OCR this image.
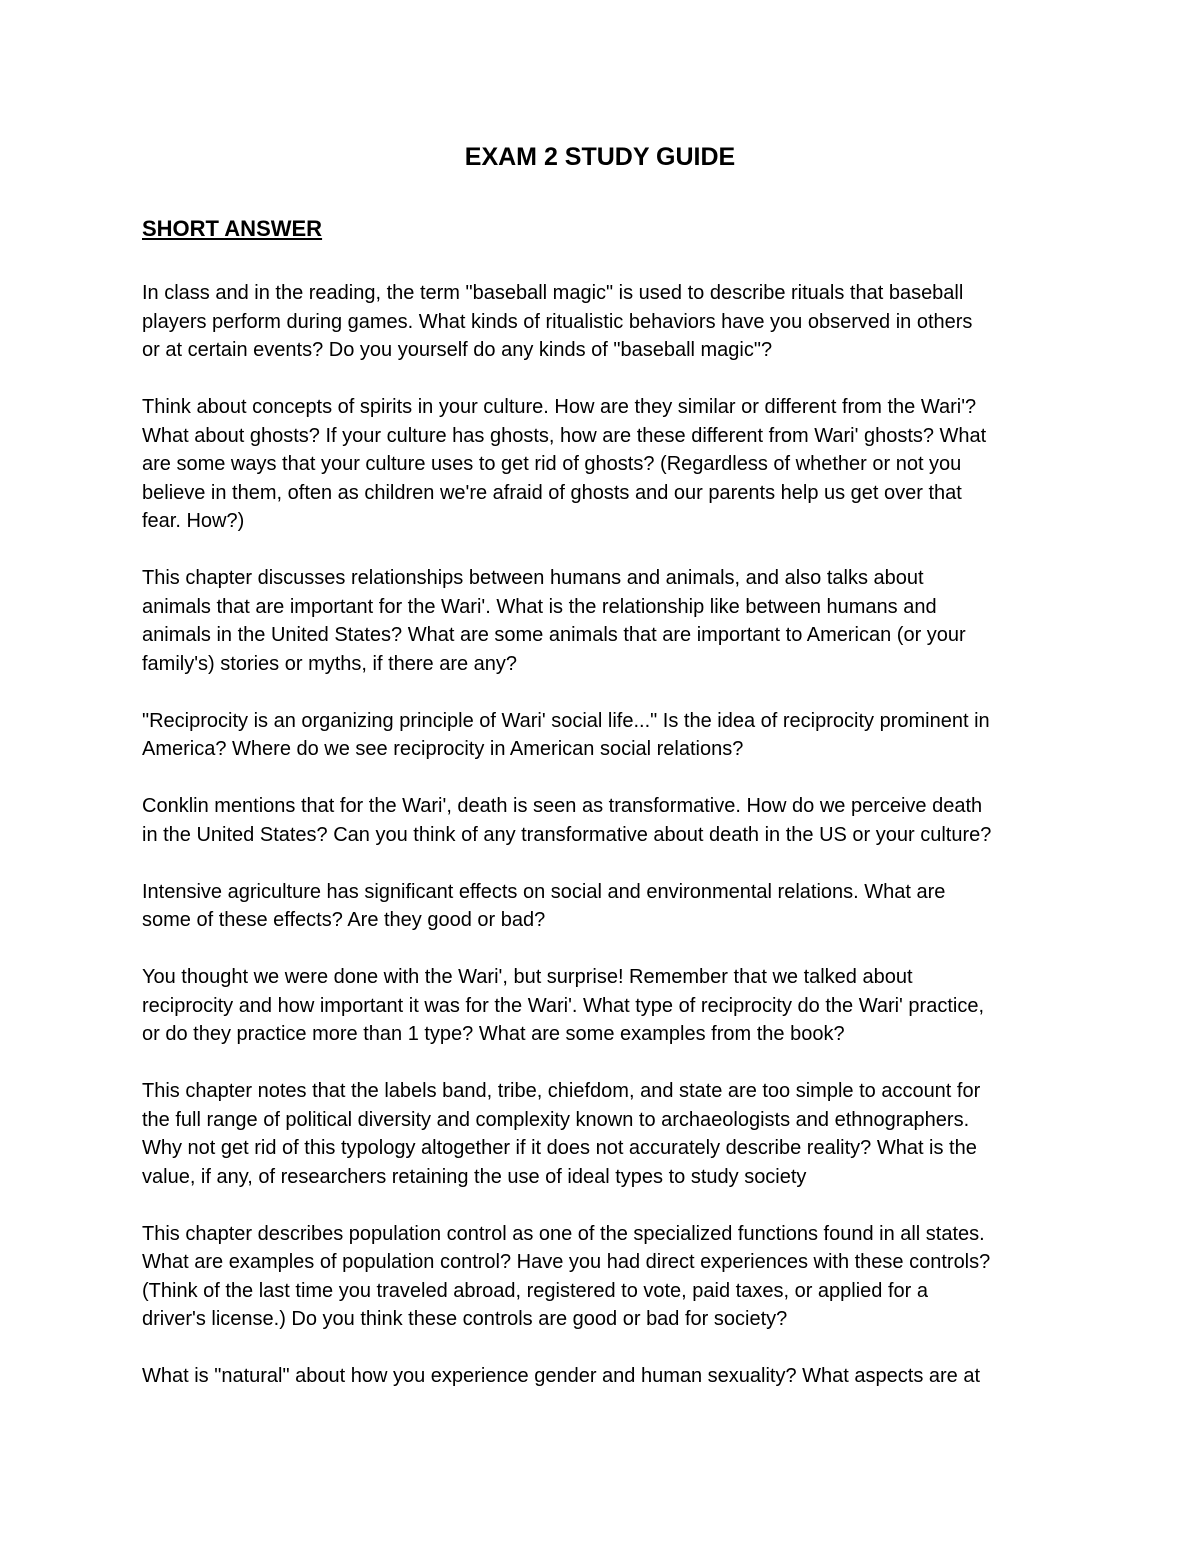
EXAM 2 STUDY GUIDE
SHORT ANSWER
In class and in the reading, the term "baseball magic" is used to describe rituals that baseball
players perform during games. What kinds of ritualistic behaviors have you observed in others
or at certain events? Do you yourself do any kinds of "baseball magic"?
Think about concepts of spirits in your culture. How are they similar or different from the Wari'?
What about ghosts? If your culture has ghosts, how are these different from Wari' ghosts? What
are some ways that your culture uses to get rid of ghosts? (Regardless of whether or not you
believe in them, often as children we're afraid of ghosts and our parents help us get over that
fear. How?)
This chapter discusses relationships between humans and animals, and also talks about
animals that are important for the Wari'. What is the relationship like between humans and
animals in the United States? What are some animals that are important to American (or your
family's) stories or myths, if there are any?
"Reciprocity is an organizing principle of Wari' social life..." Is the idea of reciprocity prominent in
America? Where do we see reciprocity in American social relations?
Conklin mentions that for the Wari', death is seen as transformative. How do we perceive death
in the United States? Can you think of any transformative about death in the US or your culture?
Intensive agriculture has significant effects on social and environmental relations. What are
some of these effects? Are they good or bad?
You thought we were done with the Wari', but surprise! Remember that we talked about
reciprocity and how important it was for the Wari'. What type of reciprocity do the Wari' practice,
or do they practice more than 1 type? What are some examples from the book?
This chapter notes that the labels band, tribe, chiefdom, and state are too simple to account for
the full range of political diversity and complexity known to archaeologists and ethnographers.
Why not get rid of this typology altogether if it does not accurately describe reality? What is the
value, if any, of researchers retaining the use of ideal types to study society
This chapter describes population control as one of the specialized functions found in all states.
What are examples of population control? Have you had direct experiences with these controls?
(Think of the last time you traveled abroad, registered to vote, paid taxes, or applied for a
driver's license.) Do you think these controls are good or bad for society?
What is "natural" about how you experience gender and human sexuality? What aspects are at
